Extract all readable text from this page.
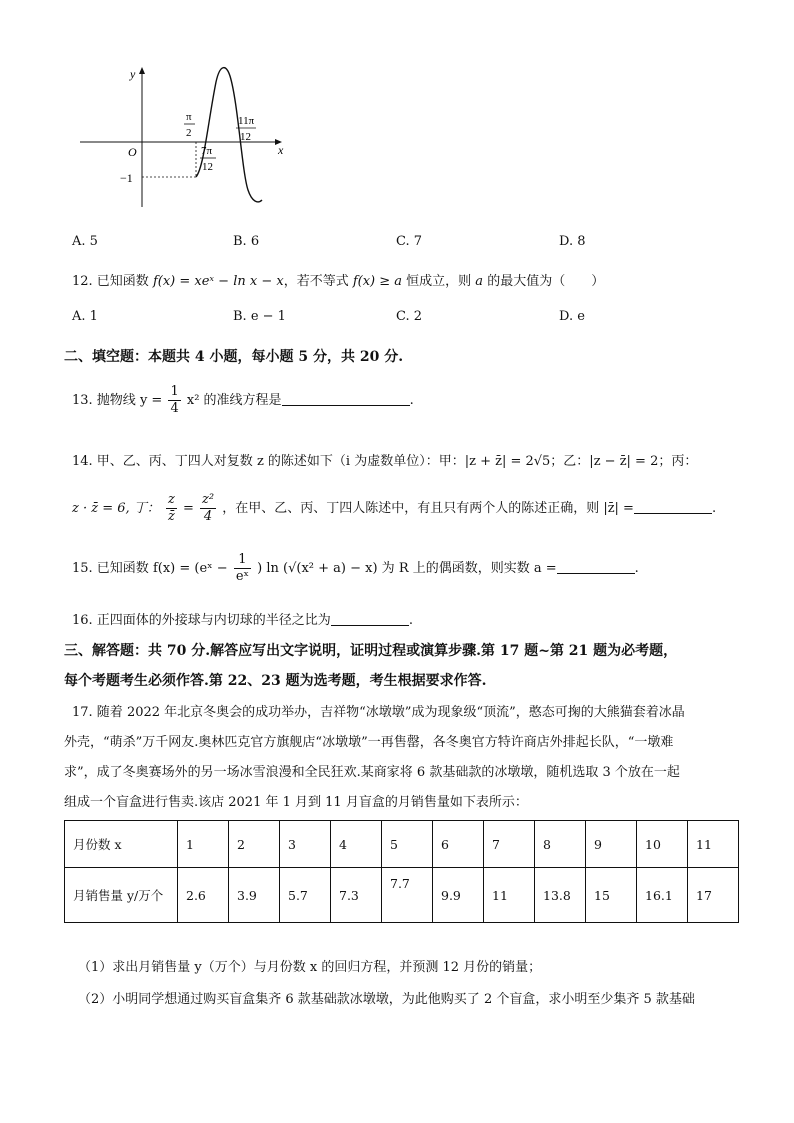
y
x
O
−1
π
2
7π
12
11π
12
A. 5	B. 6	C. 7	D. 8
12. 已知函数 f(x) = xeˣ − ln x − x，若不等式 f(x) ≥ a 恒成立，则 a 的最大值为（　　）
A. 1	B. e − 1	C. 2	D. e
二、填空题：本题共 4 小题，每小题 5 分，共 20 分.
13. 抛物线 $y = \frac{1}{4} x^2$ 的准线方程是	.
14. 甲、乙、丙、丁四人对复数 z 的陈述如下（i 为虚数单位）：甲：|z + z̄| = 2√5；乙：|z − z̄| = 2；丙：
z · z̄ = 6, 丁： $\frac{z}{z̄} = \frac{\text{z²}}{4}$ ，在甲、乙、丙、丁四人陈述中，有且只有两个人的陈述正确，则 |z̄| =	.
15. 已知函数 f(x) = (eˣ − $\frac{1}{\text{eˣ}}$ ) ln (√(x² + a) − x) 为 R 上的偶函数，则实数 a =	.
16. 正四面体的外接球与内切球的半径之比为	.
三、解答题：共 70 分.解答应写出文字说明，证明过程或演算步骤.第 17 题~第 21 题为必考题，
每个考题考生必须作答.第 22、23 题为选考题，考生根据要求作答.
17. 随着 2022 年北京冬奥会的成功举办，吉祥物“冰墩墩”成为现象级“顶流”，憨态可掬的大熊猫套着冰晶
外壳，“萌杀”万千网友.奥林匹克官方旗舰店“冰墩墩”一再售罄，各冬奥官方特许商店外排起长队，“一墩难
求”，成了冬奥赛场外的另一场冰雪浪漫和全民狂欢.某商家将 6 款基础款的冰墩墩，随机选取 3 个放在一起
组成一个盲盒进行售卖.该店 2021 年 1 月到 11 月盲盒的月销售量如下表所示：
月份数 x	1	2	3	4	5	6	7	8	9	10	11
月销售量 y/万个	2.6	3.9	5.7	7.3	7.7	9.9	11	13.8	15	16.1	17
（1）求出月销售量 y（万个）与月份数 x 的回归方程，并预测 12 月份的销量；
（2）小明同学想通过购买盲盒集齐 6 款基础款冰墩墩，为此他购买了 2 个盲盒，求小明至少集齐 5 款基础
